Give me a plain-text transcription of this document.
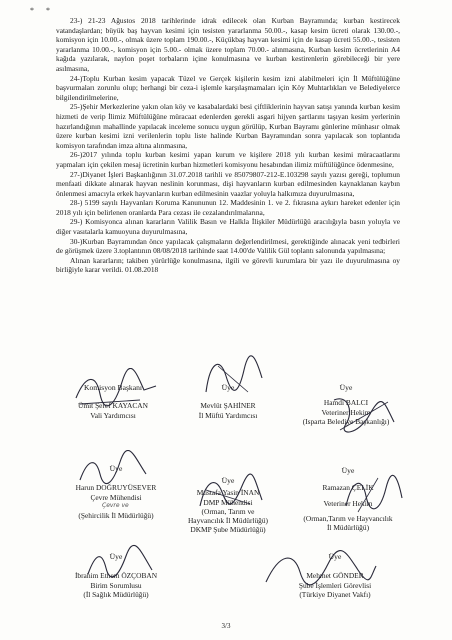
* *

23-) 21-23 Ağustos 2018 tarihlerinde idrak edilecek olan Kurban Bayramında; kurban kestirecek vatandaşlardan; büyük baş hayvan kesimi için tesisten yararlanma 50.00.-, kasap kesim ücreti olarak 130.00.-, komisyon için 10.00.-, olmak üzere toplam 190.00.-, Küçükbaş hayvan kesimi için de kasap ücreti 55.00.-, tesisten yararlanma 10.00.-, komisyon için 5.00.- olmak üzere toplam 70.00.- alınmasına, Kurban kesim ücretlerinin A4 kağıda yazılarak, naylon poşet torbaların içine konulmasına ve kurban kestirenlerin görebileceği bir yere asılmasına,

24-)Toplu Kurban kesim yapacak Tüzel ve Gerçek kişilerin kesim izni alabilmeleri için İl Müftülüğüne başvurmaları zorunlu olup; herhangi bir ceza-i işlemle karşılaşmamaları için Köy Muhtarlıkları ve Belediyelerce bilgilendirilmelerine,

25-)Şehir Merkezlerine yakın olan köy ve kasabalardaki besi çiftliklerinin hayvan satışı yanında kurban kesim hizmeti de verip İlimiz Müftülüğüne müracaat edenlerden gerekli asgari hijyen şartlarını taşıyan kesim yerlerinin hazırlandığının mahallinde yapılacak inceleme sonucu uygun görülüp, Kurban Bayramı günlerine münhasır olmak üzere kurban kesimi izni verilenlerin toplu liste halinde Kurban Bayramından sonra yapılacak son toplantıda komisyon tarafından imza altına alınmasına,

26-)2017 yılında toplu kurban kesimi yapan kurum ve kişilere 2018 yılı kurban kesimi müracaatlarını yapmaları için çekilen mesaj ücretinin kurban hizmetleri komisyonu hesabından ilimiz müftülüğünce ödenmesine,

27-)Diyanet İşleri Başkanlığının 31.07.2018 tarihli ve 85079807-212-E.103298 sayılı yazısı gereği, toplumun menfaati dikkate alınarak hayvan neslinin korunması, dişi hayvanların kurban edilmesinden kaynaklanan kaybın önlenmesi amacıyla erkek hayvanların kurban edilmesinin vaazlar yoluyla halkımıza duyurulmasına,

28-) 5199 sayılı Hayvanları Koruma Kanununun 12. Maddesinin 1. ve 2. fıkrasına aykırı hareket edenler için 2018 yılı için belirlenen oranlarda Para cezası ile cezalandırılmalarına,

29-) Komisyonca alınan kararların Valilik Basın ve Halkla İlişkiler Müdürlüğü aracılığıyla basın yoluyla ve diğer vasıtalarla kamuoyuna duyurulmasına,

30-)Kurban Bayramından önce yapılacak çalışmaların değerlendirilmesi, gerektiğinde alınacak yeni tedbirleri de görüşmek üzere 3.toplantının 08/08/2018 tarihinde saat 14.00'de Valilik Gül toplantı salonunda yapılmasına;

Alınan kararların; takiben yürürlüğe konulmasına, ilgili ve görevli kurumlara bir yazı ile duyurulmasına oy birliğiyle karar verildi. 01.08.2018

Komisyon Başkanı
Ümit Şeref KAYACAN
Vali Yardımcısı
Üye
Mevlüt ŞAHİNER
İl Müftü Yardımcısı
Üye
Hamdi BALCI
Veteriner Hekim
(Isparta Belediye Başkanlığı)
Üye
Harun DOĞRUYÜSEVER
Çevre Mühendisi
(Şehircilik İl Müdürlüğü)
Çevre ve
Üye
Mustafa Yasin İNAN
DMP Mühendisi
(Orman, Tarım ve
Hayvancılık İl Müdürlüğü)
DKMP Şube Müdürlüğü)
Üye
Ramazan ÇELİK
Veteriner Hekim
(Orman,Tarım ve Hayvancılık
İl Müdürlüğü)
Üye
İbrahim Ethem ÖZÇOBAN
Birim Sorumlusu
(İl Sağlık Müdürlüğü)
Üye
Mehmet GÖNDER
Şube İşlemleri Görevlisi
(Türkiye Diyanet Vakfı)
3/3
